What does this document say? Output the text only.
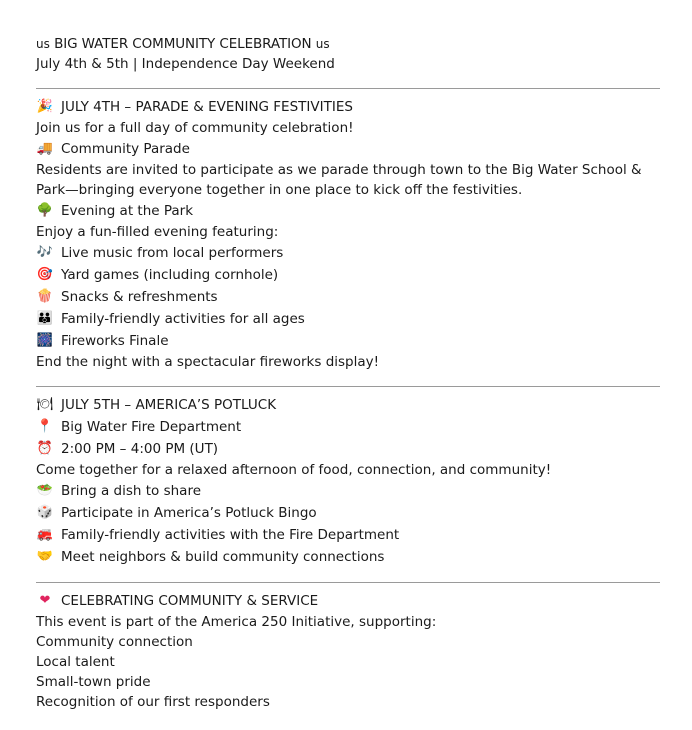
us BIG WATER COMMUNITY CELEBRATION us
July 4th & 5th | Independence Day Weekend
🎉 JULY 4TH – PARADE & EVENING FESTIVITIES
Join us for a full day of community celebration!
🚚 Community Parade
Residents are invited to participate as we parade through town to the Big Water School & Park—bringing everyone together in one place to kick off the festivities.
🌳 Evening at the Park
Enjoy a fun-filled evening featuring:
🎶 Live music from local performers
🎯 Yard games (including cornhole)
🍿 Snacks & refreshments
👪 Family-friendly activities for all ages
🎆 Fireworks Finale
End the night with a spectacular fireworks display!
🍽 JULY 5TH – AMERICA’S POTLUCK
📍 Big Water Fire Department
⏰ 2:00 PM – 4:00 PM (UT)
Come together for a relaxed afternoon of food, connection, and community!
🥗 Bring a dish to share
🎲 Participate in America’s Potluck Bingo
🚒 Family-friendly activities with the Fire Department
🤝 Meet neighbors & build community connections
❤ CELEBRATING COMMUNITY & SERVICE
This event is part of the America 250 Initiative, supporting:
Community connection
Local talent
Small-town pride
Recognition of our first responders
